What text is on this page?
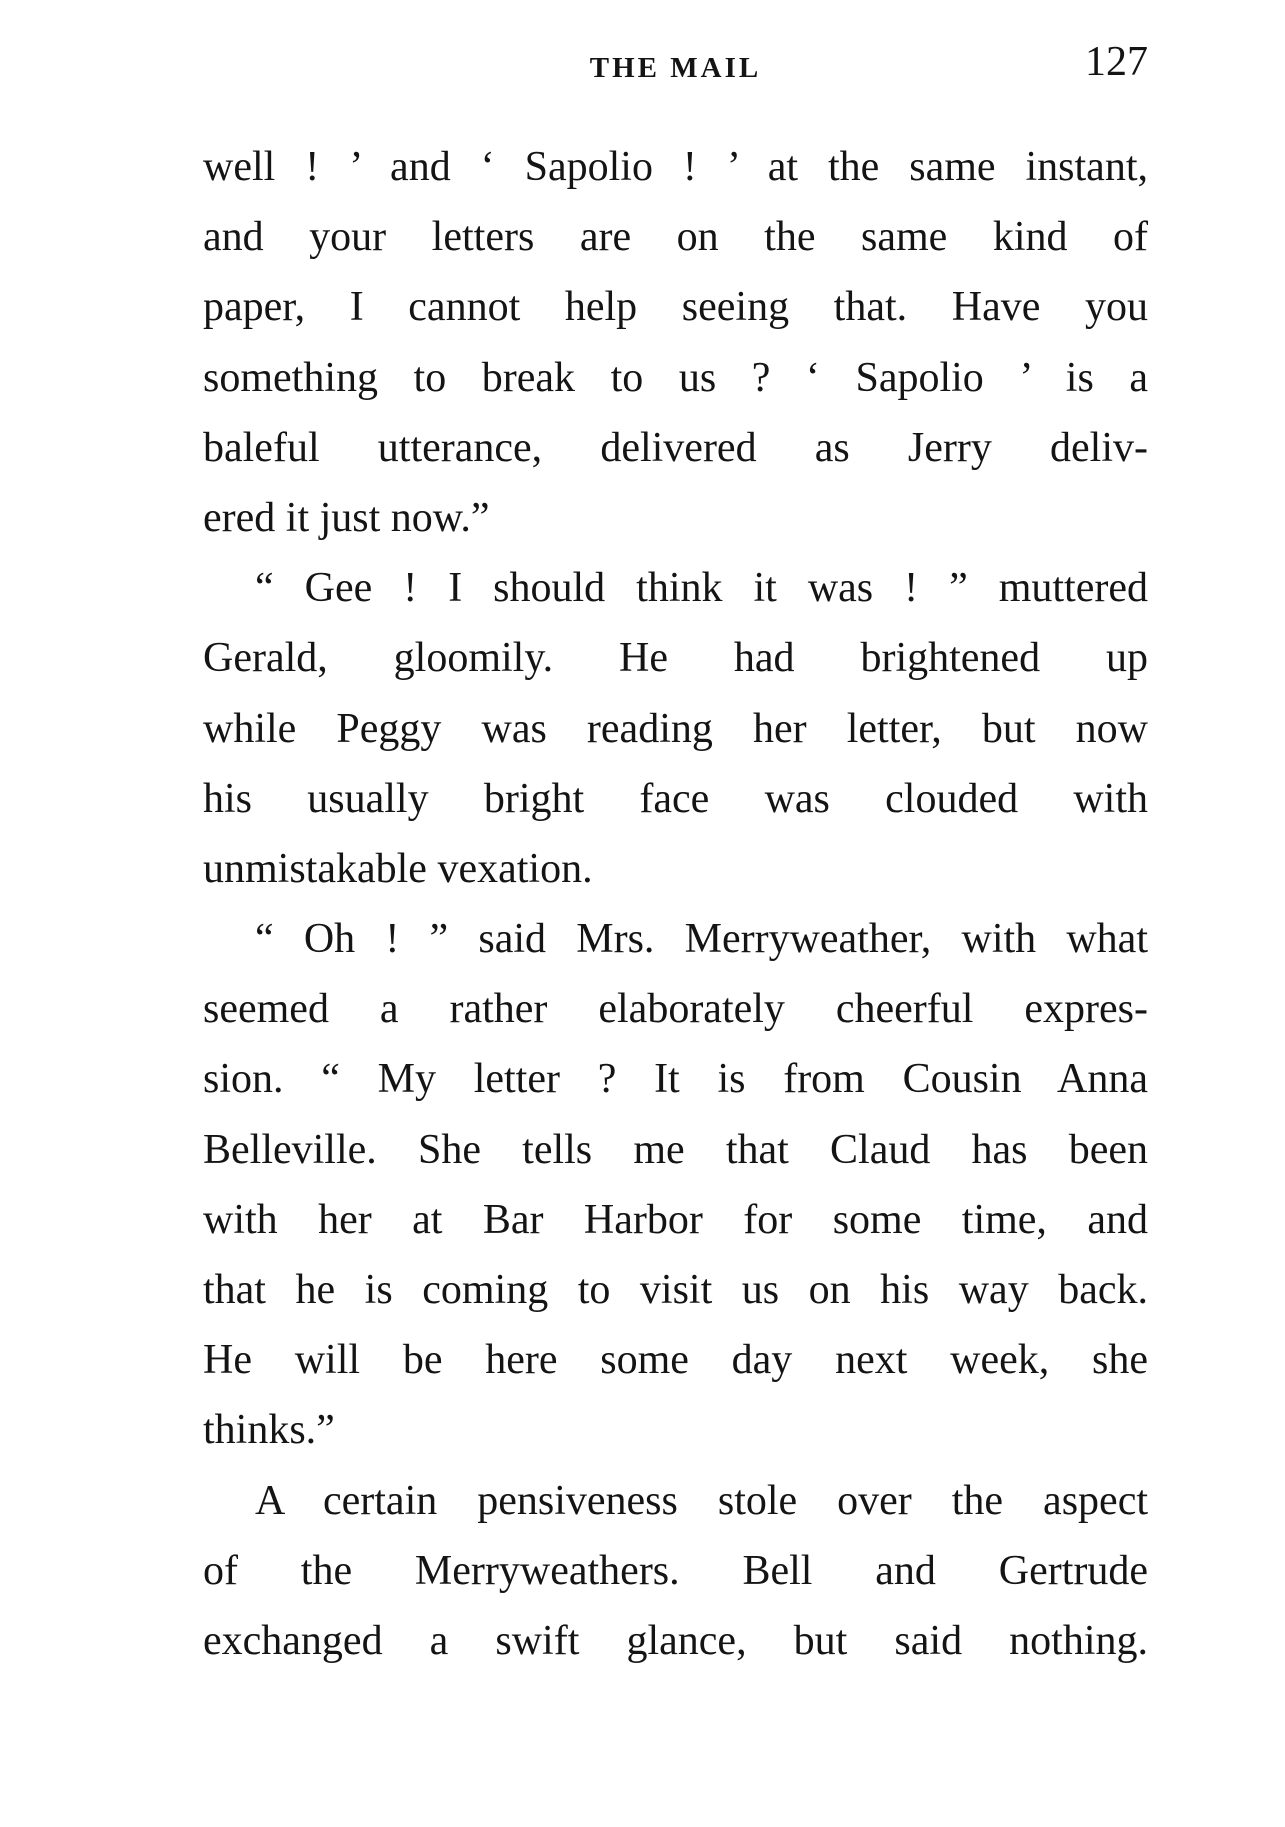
THE MAIL	127
well ! ’ and ‘ Sapolio ! ’ at the same instant,
and your letters are on the same kind of
paper, I cannot help seeing that. Have you
something to break to us ? ‘ Sapolio ’ is a
baleful utterance, delivered as Jerry deliv-
ered it just now.”
“ Gee ! I should think it was ! ” muttered
Gerald, gloomily. He had brightened up
while Peggy was reading her letter, but now
his usually bright face was clouded with
unmistakable vexation.
“ Oh ! ” said Mrs. Merryweather, with what
seemed a rather elaborately cheerful expres-
sion. “ My letter ? It is from Cousin Anna
Belleville. She tells me that Claud has been
with her at Bar Harbor for some time, and
that he is coming to visit us on his way back.
He will be here some day next week, she
thinks.”
A certain pensiveness stole over the aspect
of the Merryweathers. Bell and Gertrude
exchanged a swift glance, but said nothing.
